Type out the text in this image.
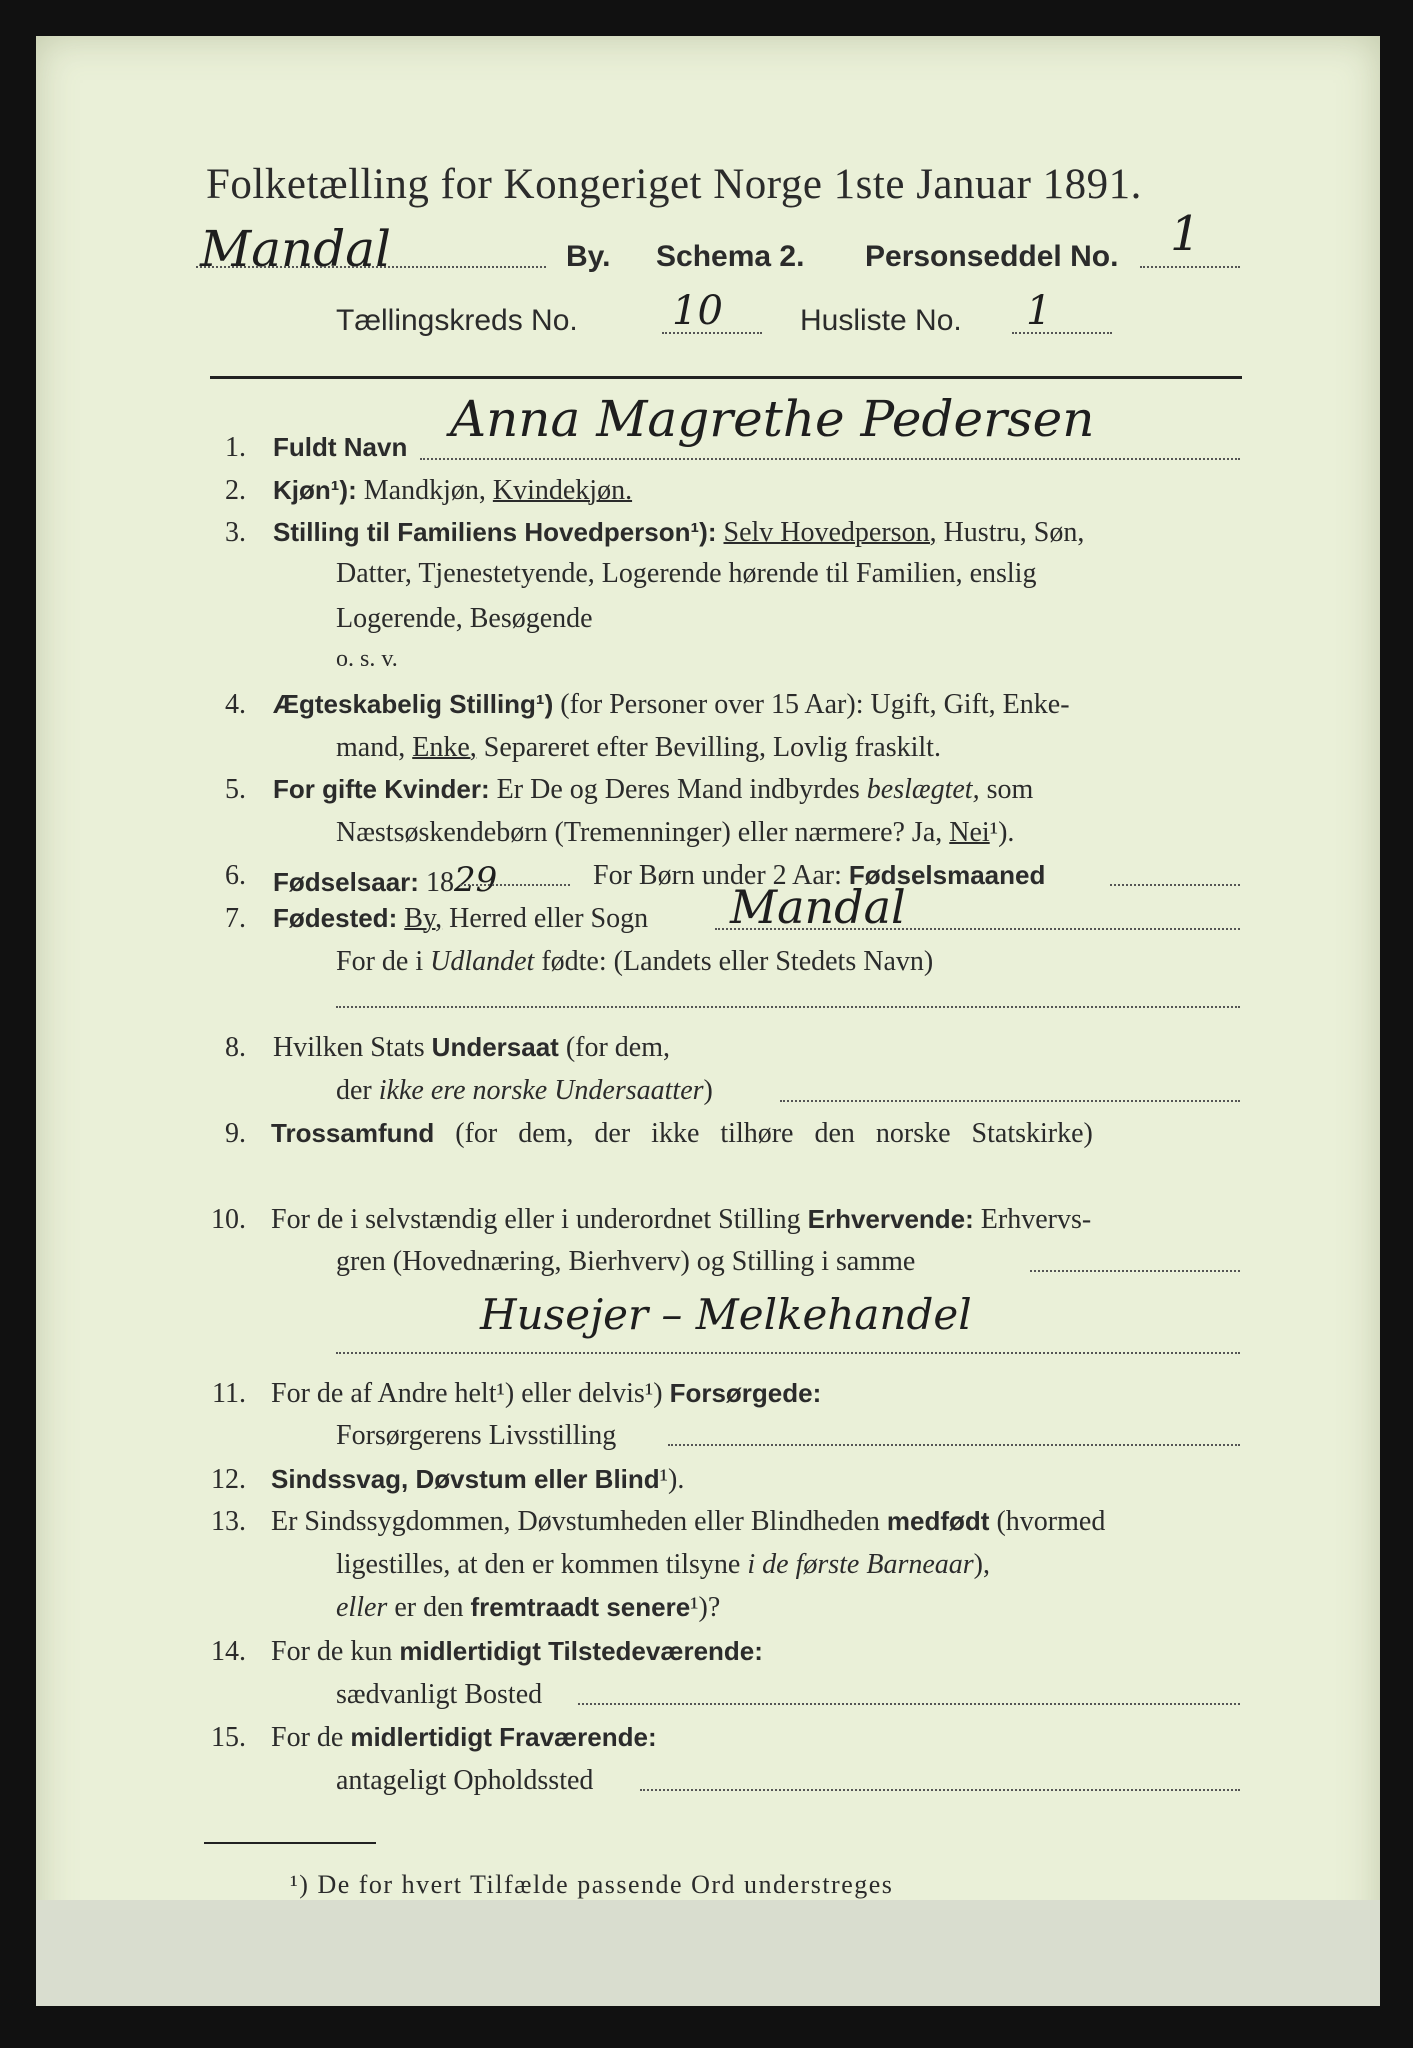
Folketælling for Kongeriget Norge 1ste Januar 1891.
Mandal	By. Schema 2. Personseddel No. 1
Tællingskreds No. 10	Husliste No. 1
1. Fuldt Navn Anna Magrethe Pedersen
2. Kjøn¹): Mandkjøn, Kvindekjøn.
3. Stilling til Familiens Hovedperson¹): Selv Hovedperson, Hustru, Søn,
Datter, Tjenestetyende, Logerende hørende til Familien, enslig
Logerende, Besøgende
o. s. v.
4. Ægteskabelig Stilling¹) (for Personer over 15 Aar): Ugift, Gift, Enke-
mand, Enke, Separeret efter Bevilling, Lovlig fraskilt.
5. For gifte Kvinder: Er De og Deres Mand indbyrdes beslægtet, som
Næstsøskendebørn (Tremenninger) eller nærmere? Ja, Nei¹).
6. Fødselsaar: 1829	For Børn under 2 Aar: Fødselsmaaned
7. Fødested: By, Herred eller Sogn Mandal
For de i Udlandet fødte: (Landets eller Stedets Navn)
8. Hvilken Stats Undersaat (for dem,
der ikke ere norske Undersaatter)
9. Trossamfund (for dem, der ikke tilhøre den norske Statskirke)
10. For de i selvstændig eller i underordnet Stilling Erhvervende: Erhvervs-
gren (Hovednæring, Bierhverv) og Stilling i samme
Husejer – Melkehandel
11. For de af Andre helt¹) eller delvis¹) Forsørgede:
Forsørgerens Livsstilling
12. Sindssvag, Døvstum eller Blind¹).
13. Er Sindssygdommen, Døvstumheden eller Blindheden medfødt (hvormed
ligestilles, at den er kommen tilsyne i de første Barneaar),
eller er den fremtraadt senere¹)?
14. For de kun midlertidigt Tilstedeværende:
sædvanligt Bosted
15. For de midlertidigt Fraværende:
antageligt Opholdssted
¹) De for hvert Tilfælde passende Ord understreges
